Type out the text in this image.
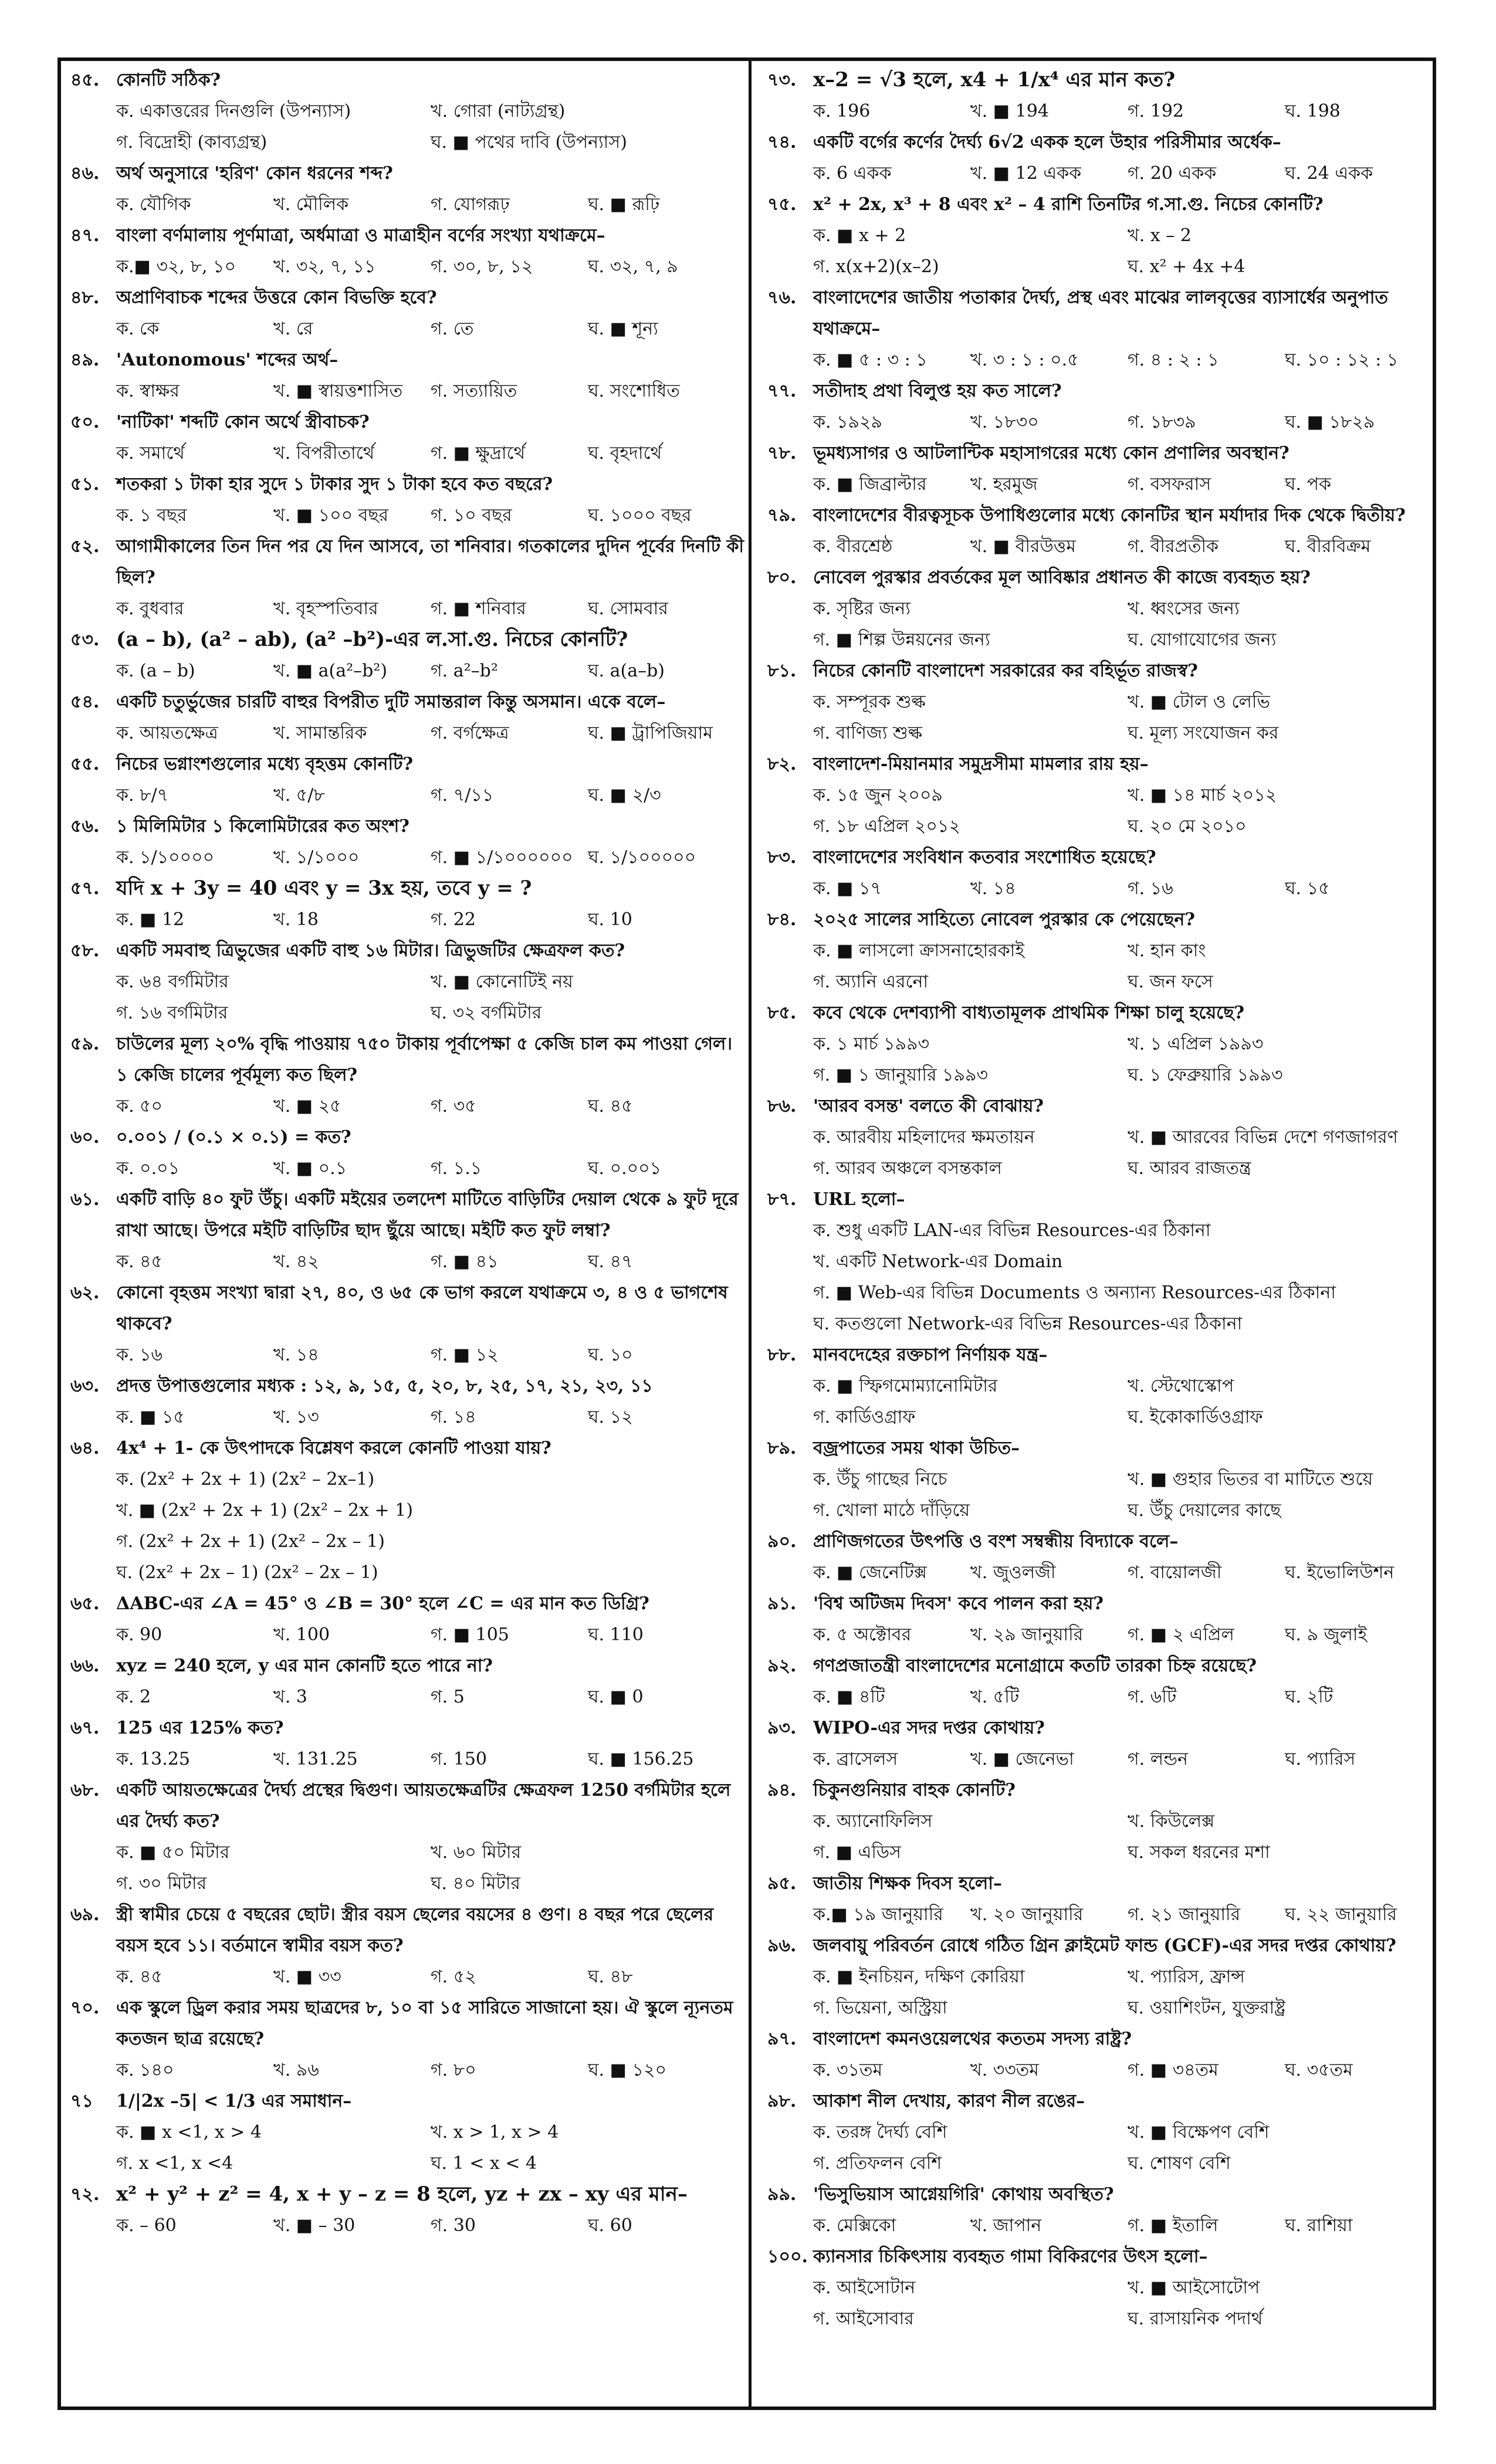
৪৫. কোনটি সঠিক?
ক. একাত্তরের দিনগুলি (উপন্যাস)	খ. গোরা (নাট্যগ্রন্থ)
গ. বিদ্রোহী (কাব্যগ্রন্থ)	ঘ. ■ পথের দাবি (উপন্যাস)
৪৬. অর্থ অনুসারে 'হরিণ' কোন ধরনের শব্দ?
ক. যৌগিক	খ. মৌলিক	গ. যোগরূঢ়	ঘ. ■ রূঢ়ি
৪৭. বাংলা বর্ণমালায় পূর্ণমাত্রা, অর্ধমাত্রা ও মাত্রাহীন বর্ণের সংখ্যা যথাক্রমে–
ক.■ ৩২, ৮, ১০	খ. ৩২, ৭, ১১	গ. ৩০, ৮, ১২	ঘ. ৩২, ৭, ৯
৪৮. অপ্রাণিবাচক শব্দের উত্তরে কোন বিভক্তি হবে?
ক. কে	খ. রে	গ. তে	ঘ. ■ শূন্য
৪৯. 'Autonomous' শব্দের অর্থ–
ক. স্বাক্ষর	খ. ■ স্বায়ত্তশাসিত	গ. সত্যায়িত	ঘ. সংশোধিত
৫০. 'নাটিকা' শব্দটি কোন অর্থে স্ত্রীবাচক?
ক. সমার্থে	খ. বিপরীতার্থে	গ. ■ ক্ষুদ্রার্থে	ঘ. বৃহদার্থে
৫১. শতকরা ১ টাকা হার সুদে ১ টাকার সুদ ১ টাকা হবে কত বছরে?
ক. ১ বছর	খ. ■ ১০০ বছর	গ. ১০ বছর	ঘ. ১০০০ বছর
৫২. আগামীকালের তিন দিন পর যে দিন আসবে, তা শনিবার। গতকালের দুদিন পূর্বের দিনটি কী ছিল?
ক. বুধবার	খ. বৃহস্পতিবার	গ. ■ শনিবার	ঘ. সোমবার
৫৩. (a – b), (a² – ab), (a² –b²)-এর ল.সা.গু. নিচের কোনটি?
ক. (a – b)	খ. ■ a(a²–b²)	গ. a²–b²	ঘ. a(a–b)
৫৪. একটি চতুর্ভুজের চারটি বাহুর বিপরীত দুটি সমান্তরাল কিন্তু অসমান। একে বলে–
ক. আয়তক্ষেত্র	খ. সামান্তরিক	গ. বর্গক্ষেত্র	ঘ. ■ ট্রাপিজিয়াম
৫৫. নিচের ভগ্নাংশগুলোর মধ্যে বৃহত্তম কোনটি?
ক. ৮/৭	খ. ৫/৮	গ. ৭/১১	ঘ. ■ ২/৩
৫৬. ১ মিলিমিটার ১ কিলোমিটারের কত অংশ?
ক. ১/১০০০০	খ. ১/১০০০	গ. ■ ১/১০০০০০০ ঘ. ১/১০০০০০
৫৭. যদি x + 3y = 40 এবং y = 3x হয়, তবে y = ?
ক. ■ 12	খ. 18	গ. 22	ঘ. 10
৫৮. একটি সমবাহু ত্রিভুজের একটি বাহু ১৬ মিটার। ত্রিভুজটির ক্ষেত্রফল কত?
ক. ৬৪ বর্গমিটার	খ. ■ কোনোটিই নয়
গ. ১৬ বর্গমিটার	ঘ. ৩২ বর্গমিটার
৫৯. চাউলের মূল্য ২০% বৃদ্ধি পাওয়ায় ৭৫০ টাকায় পূর্বাপেক্ষা ৫ কেজি চাল কম পাওয়া গেল। ১ কেজি চালের পূর্বমূল্য কত ছিল?
ক. ৫০	খ. ■ ২৫	গ. ৩৫	ঘ. ৪৫
৬০. ০.০০১ / (০.১ × ০.১) = কত?
ক. ০.০১	খ. ■ ০.১	গ. ১.১	ঘ. ০.০০১
৬১. একটি বাড়ি ৪০ ফুট উঁচু। একটি মইয়ের তলদেশ মাটিতে বাড়িটির দেয়াল থেকে ৯ ফুট দূরে রাখা আছে। উপরে মইটি বাড়িটির ছাদ ছুঁয়ে আছে। মইটি কত ফুট লম্বা?
ক. ৪৫	খ. ৪২	গ. ■ ৪১	ঘ. ৪৭
৬২. কোনো বৃহত্তম সংখ্যা দ্বারা ২৭, ৪০, ও ৬৫ কে ভাগ করলে যথাক্রমে ৩, ৪ ও ৫ ভাগশেষ থাকবে?
ক. ১৬	খ. ১৪	গ. ■ ১২	ঘ. ১০
৬৩. প্রদত্ত উপাত্তগুলোর মধ্যক : ১২, ৯, ১৫, ৫, ২০, ৮, ২৫, ১৭, ২১, ২৩, ১১
ক. ■ ১৫	খ. ১৩	গ. ১৪	ঘ. ১২
৬৪. 4x⁴ + 1- কে উৎপাদকে বিশ্লেষণ করলে কোনটি পাওয়া যায়?
ক. (2x² + 2x + 1) (2x² – 2x–1)
খ. ■ (2x² + 2x + 1) (2x² – 2x + 1)
গ. (2x² + 2x + 1) (2x² – 2x – 1)
ঘ. (2x² + 2x – 1) (2x² – 2x – 1)
৬৫. ΔABC-এর ∠A = 45° ও ∠B = 30° হলে ∠C = এর মান কত ডিগ্রি?
ক. 90	খ. 100	গ. ■ 105	ঘ. 110
৬৬. xyz = 240 হলে, y এর মান কোনটি হতে পারে না?
ক. 2	খ. 3	গ. 5	ঘ. ■ 0
৬৭. 125 এর 125% কত?
ক. 13.25	খ. 131.25	গ. 150	ঘ. ■ 156.25
৬৮. একটি আয়তক্ষেত্রের দৈর্ঘ্য প্রস্থের দ্বিগুণ। আয়তক্ষেত্রটির ক্ষেত্রফল 1250 বর্গমিটার হলে এর দৈর্ঘ্য কত?
ক. ■ ৫০ মিটার	খ. ৬০ মিটার
গ. ৩০ মিটার	ঘ. ৪০ মিটার
৬৯. স্ত্রী স্বামীর চেয়ে ৫ বছরের ছোট। স্ত্রীর বয়স ছেলের বয়সের ৪ গুণ। ৪ বছর পরে ছেলের বয়স হবে ১১। বর্তমানে স্বামীর বয়স কত?
ক. ৪৫	খ. ■ ৩৩	গ. ৫২	ঘ. ৪৮
৭০. এক স্কুলে ড্রিল করার সময় ছাত্রদের ৮, ১০ বা ১৫ সারিতে সাজানো হয়। ঐ স্কুলে ন্যূনতম কতজন ছাত্র রয়েছে?
ক. ১৪০	খ. ৯৬	গ. ৮০	ঘ. ■ ১২০
৭১	1/|2x –5| < 1/3 এর সমাধান–
ক. ■ x <1, x > 4	খ. x > 1, x > 4
গ. x <1, x <4	ঘ. 1 < x < 4
৭২. x² + y² + z² = 4, x + y – z = 8 হলে, yz + zx – xy এর মান–
ক. – 60	খ. ■ – 30	গ. 30	ঘ. 60
৭৩. x–2 = √3 হলে, x4 + 1/x⁴ এর মান কত?
ক. 196	খ. ■ 194	গ. 192	ঘ. 198
৭৪. একটি বর্গের কর্ণের দৈর্ঘ্য 6√2 একক হলে উহার পরিসীমার অর্ধেক–
ক. 6 একক	খ. ■ 12 একক	গ. 20 একক	ঘ. 24 একক
৭৫. x² + 2x, x³ + 8 এবং x² – 4 রাশি তিনটির গ.সা.গু. নিচের কোনটি?
ক. ■ x + 2	খ. x – 2
গ. x(x+2)(x–2)	ঘ. x² + 4x +4
৭৬. বাংলাদেশের জাতীয় পতাকার দৈর্ঘ্য, প্রস্থ এবং মাঝের লালবৃত্তের ব্যাসার্ধের অনুপাত যথাক্রমে–
ক. ■ ৫ : ৩ : ১	খ. ৩ : ১ : ০.৫	গ. ৪ : ২ : ১	ঘ. ১০ : ১২ : ১
৭৭. সতীদাহ প্রথা বিলুপ্ত হয় কত সালে?
ক. ১৯২৯	খ. ১৮৩০	গ. ১৮৩৯	ঘ. ■ ১৮২৯
৭৮. ভূমধ্যসাগর ও আটলান্টিক মহাসাগরের মধ্যে কোন প্রণালির অবস্থান?
ক. ■ জিব্রাল্টার	খ. হরমুজ	গ. বসফরাস	ঘ. পক
৭৯. বাংলাদেশের বীরত্বসূচক উপাধিগুলোর মধ্যে কোনটির স্থান মর্যাদার দিক থেকে দ্বিতীয়?
ক. বীরশ্রেষ্ঠ	খ. ■ বীরউত্তম	গ. বীরপ্রতীক	ঘ. বীরবিক্রম
৮০. নোবেল পুরস্কার প্রবর্তকের মূল আবিষ্কার প্রধানত কী কাজে ব্যবহৃত হয়?
ক. সৃষ্টির জন্য	খ. ধ্বংসের জন্য
গ. ■ শিল্প উন্নয়নের জন্য	ঘ. যোগাযোগের জন্য
৮১. নিচের কোনটি বাংলাদেশ সরকারের কর বহির্ভূত রাজস্ব?
ক. সম্পূরক শুল্ক	খ. ■ টোল ও লেভি
গ. বাণিজ্য শুল্ক	ঘ. মূল্য সংযোজন কর
৮২. বাংলাদেশ-মিয়ানমার সমুদ্রসীমা মামলার রায় হয়–
ক. ১৫ জুন ২০০৯	খ. ■ ১৪ মার্চ ২০১২
গ. ১৮ এপ্রিল ২০১২	ঘ. ২০ মে ২০১০
৮৩. বাংলাদেশের সংবিধান কতবার সংশোধিত হয়েছে?
ক. ■ ১৭	খ. ১৪	গ. ১৬	ঘ. ১৫
৮৪. ২০২৫ সালের সাহিত্যে নোবেল পুরস্কার কে পেয়েছেন?
ক. ■ লাসলো ক্রাসনাহোরকাই	খ. হান কাং
গ. অ্যানি এরনো	ঘ. জন ফসে
৮৫. কবে থেকে দেশব্যাপী বাধ্যতামূলক প্রাথমিক শিক্ষা চালু হয়েছে?
ক. ১ মার্চ ১৯৯৩	খ. ১ এপ্রিল ১৯৯৩
গ. ■ ১ জানুয়ারি ১৯৯৩	ঘ. ১ ফেব্রুয়ারি ১৯৯৩
৮৬. 'আরব বসন্ত' বলতে কী বোঝায়?
ক. আরবীয় মহিলাদের ক্ষমতায়ন	খ. ■ আরবের বিভিন্ন দেশে গণজাগরণ
গ. আরব অঞ্চলে বসন্তকাল	ঘ. আরব রাজতন্ত্র
৮৭. URL হলো–
ক. শুধু একটি LAN-এর বিভিন্ন Resources-এর ঠিকানা
খ. একটি Network-এর Domain
গ. ■ Web-এর বিভিন্ন Documents ও অন্যান্য Resources-এর ঠিকানা
ঘ. কতগুলো Network-এর বিভিন্ন Resources-এর ঠিকানা
৮৮. মানবদেহের রক্তচাপ নির্ণায়ক যন্ত্র–
ক. ■ স্ফিগমোম্যানোমিটার	খ. স্টেথোস্কোপ
গ. কার্ডিওগ্রাফ	ঘ. ইকোকার্ডিওগ্রাফ
৮৯. বজ্রপাতের সময় থাকা উচিত–
ক. উঁচু গাছের নিচে	খ. ■ গুহার ভিতর বা মাটিতে শুয়ে
গ. খোলা মাঠে দাঁড়িয়ে	ঘ. উঁচু দেয়ালের কাছে
৯০. প্রাণিজগতের উৎপত্তি ও বংশ সম্বন্ধীয় বিদ্যাকে বলে–
ক. ■ জেনেটিক্স	খ. জুওলজী	গ. বায়োলজী	ঘ. ইভোলিউশন
৯১. 'বিশ্ব অটিজম দিবস' কবে পালন করা হয়?
ক. ৫ অক্টোবর	খ. ২৯ জানুয়ারি	গ. ■ ২ এপ্রিল	ঘ. ৯ জুলাই
৯২. গণপ্রজাতন্ত্রী বাংলাদেশের মনোগ্রামে কতটি তারকা চিহ্ন রয়েছে?
ক. ■ ৪টি	খ. ৫টি	গ. ৬টি	ঘ. ২টি
৯৩. WIPO-এর সদর দপ্তর কোথায়?
ক. ব্রাসেলস	খ. ■ জেনেভা	গ. লন্ডন	ঘ. প্যারিস
৯৪. চিকুনগুনিয়ার বাহক কোনটি?
ক. অ্যানোফিলিস	খ. কিউলেক্স
গ. ■ এডিস	ঘ. সকল ধরনের মশা
৯৫. জাতীয় শিক্ষক দিবস হলো–
ক.■ ১৯ জানুয়ারি	খ. ২০ জানুয়ারি	গ. ২১ জানুয়ারি	ঘ. ২২ জানুয়ারি
৯৬. জলবায়ু পরিবর্তন রোধে গঠিত গ্রিন ক্লাইমেট ফান্ড (GCF)-এর সদর দপ্তর কোথায়?
ক. ■ ইনচিয়ন, দক্ষিণ কোরিয়া	খ. প্যারিস, ফ্রান্স
গ. ভিয়েনা, অস্ট্রিয়া	ঘ. ওয়াশিংটন, যুক্তরাষ্ট্র
৯৭. বাংলাদেশ কমনওয়েলথের কততম সদস্য রাষ্ট্র?
ক. ৩১তম	খ. ৩৩তম	গ. ■ ৩৪তম	ঘ. ৩৫তম
৯৮. আকাশ নীল দেখায়, কারণ নীল রঙের–
ক. তরঙ্গ দৈর্ঘ্য বেশি	খ. ■ বিক্ষেপণ বেশি
গ. প্রতিফলন বেশি	ঘ. শোষণ বেশি
৯৯. 'ভিসুভিয়াস আগ্নেয়গিরি' কোথায় অবস্থিত?
ক. মেক্সিকো	খ. জাপান	গ. ■ ইতালি	ঘ. রাশিয়া
১০০. ক্যানসার চিকিৎসায় ব্যবহৃত গামা বিকিরণের উৎস হলো–
ক. আইসোটান	খ. ■ আইসোটোপ
গ. আইসোবার	ঘ. রাসায়নিক পদার্থ
